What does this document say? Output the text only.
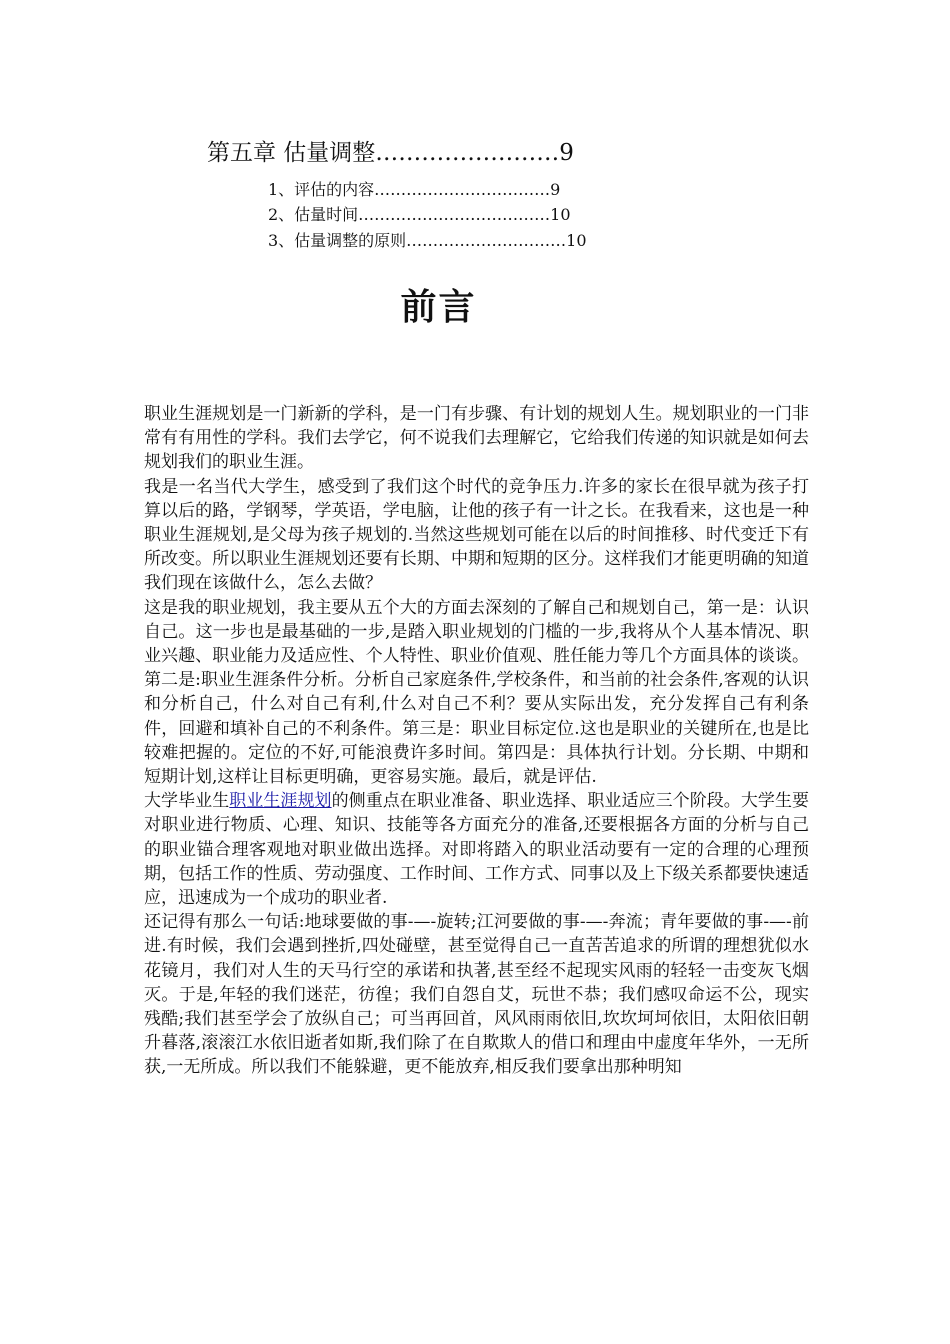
第五章 估量调整……………………9
1、评估的内容……………………………9
2、估量时间………………………………10
3、估量调整的原则…………………………10
前言

职业生涯规划是一门新新的学科，是一门有步骤、有计划的规划人生。规划职业的一门非常有有用性的学科。我们去学它，何不说我们去理解它，它给我们传递的知识就是如何去规划我们的职业生涯。

我是一名当代大学生，感受到了我们这个时代的竞争压力.许多的家长在很早就为孩子打算以后的路，学钢琴，学英语，学电脑，让他的孩子有一计之长。在我看来，这也是一种职业生涯规划,是父母为孩子规划的.当然这些规划可能在以后的时间推移、时代变迁下有所改变。所以职业生涯规划还要有长期、中期和短期的区分。这样我们才能更明确的知道我们现在该做什么，怎么去做？

这是我的职业规划，我主要从五个大的方面去深刻的了解自己和规划自己，第一是：认识自己。这一步也是最基础的一步,是踏入职业规划的门槛的一步,我将从个人基本情况、职业兴趣、职业能力及适应性、个人特性、职业价值观、胜任能力等几个方面具体的谈谈。第二是:职业生涯条件分析。分析自己家庭条件,学校条件，和当前的社会条件,客观的认识和分析自己，什么对自己有利,什么对自己不利？要从实际出发，充分发挥自己有利条件，回避和填补自己的不利条件。第三是：职业目标定位.这也是职业的关键所在,也是比较难把握的。定位的不好,可能浪费许多时间。第四是：具体执行计划。分长期、中期和短期计划,这样让目标更明确，更容易实施。最后，就是评估.

大学毕业生职业生涯规划的侧重点在职业准备、职业选择、职业适应三个阶段。大学生要对职业进行物质、心理、知识、技能等各方面充分的准备,还要根据各方面的分析与自己的职业锚合理客观地对职业做出选择。对即将踏入的职业活动要有一定的合理的心理预期，包括工作的性质、劳动强度、工作时间、工作方式、同事以及上下级关系都要快速适应，迅速成为一个成功的职业者.

还记得有那么一句话:地球要做的事-—-旋转;江河要做的事-—-奔流；青年要做的事-—-前进.有时候，我们会遇到挫折,四处碰壁，甚至觉得自己一直苦苦追求的所谓的理想犹似水花镜月，我们对人生的天马行空的承诺和执著,甚至经不起现实风雨的轻轻一击变灰飞烟灭。于是,年轻的我们迷茫，彷徨；我们自怨自艾，玩世不恭；我们感叹命运不公，现实残酷;我们甚至学会了放纵自己；可当再回首，风风雨雨依旧,坎坎坷坷依旧，太阳依旧朝升暮落,滚滚江水依旧逝者如斯,我们除了在自欺欺人的借口和理由中虚度年华外，一无所获,一无所成。所以我们不能躲避，更不能放弃,相反我们要拿出那种明知
